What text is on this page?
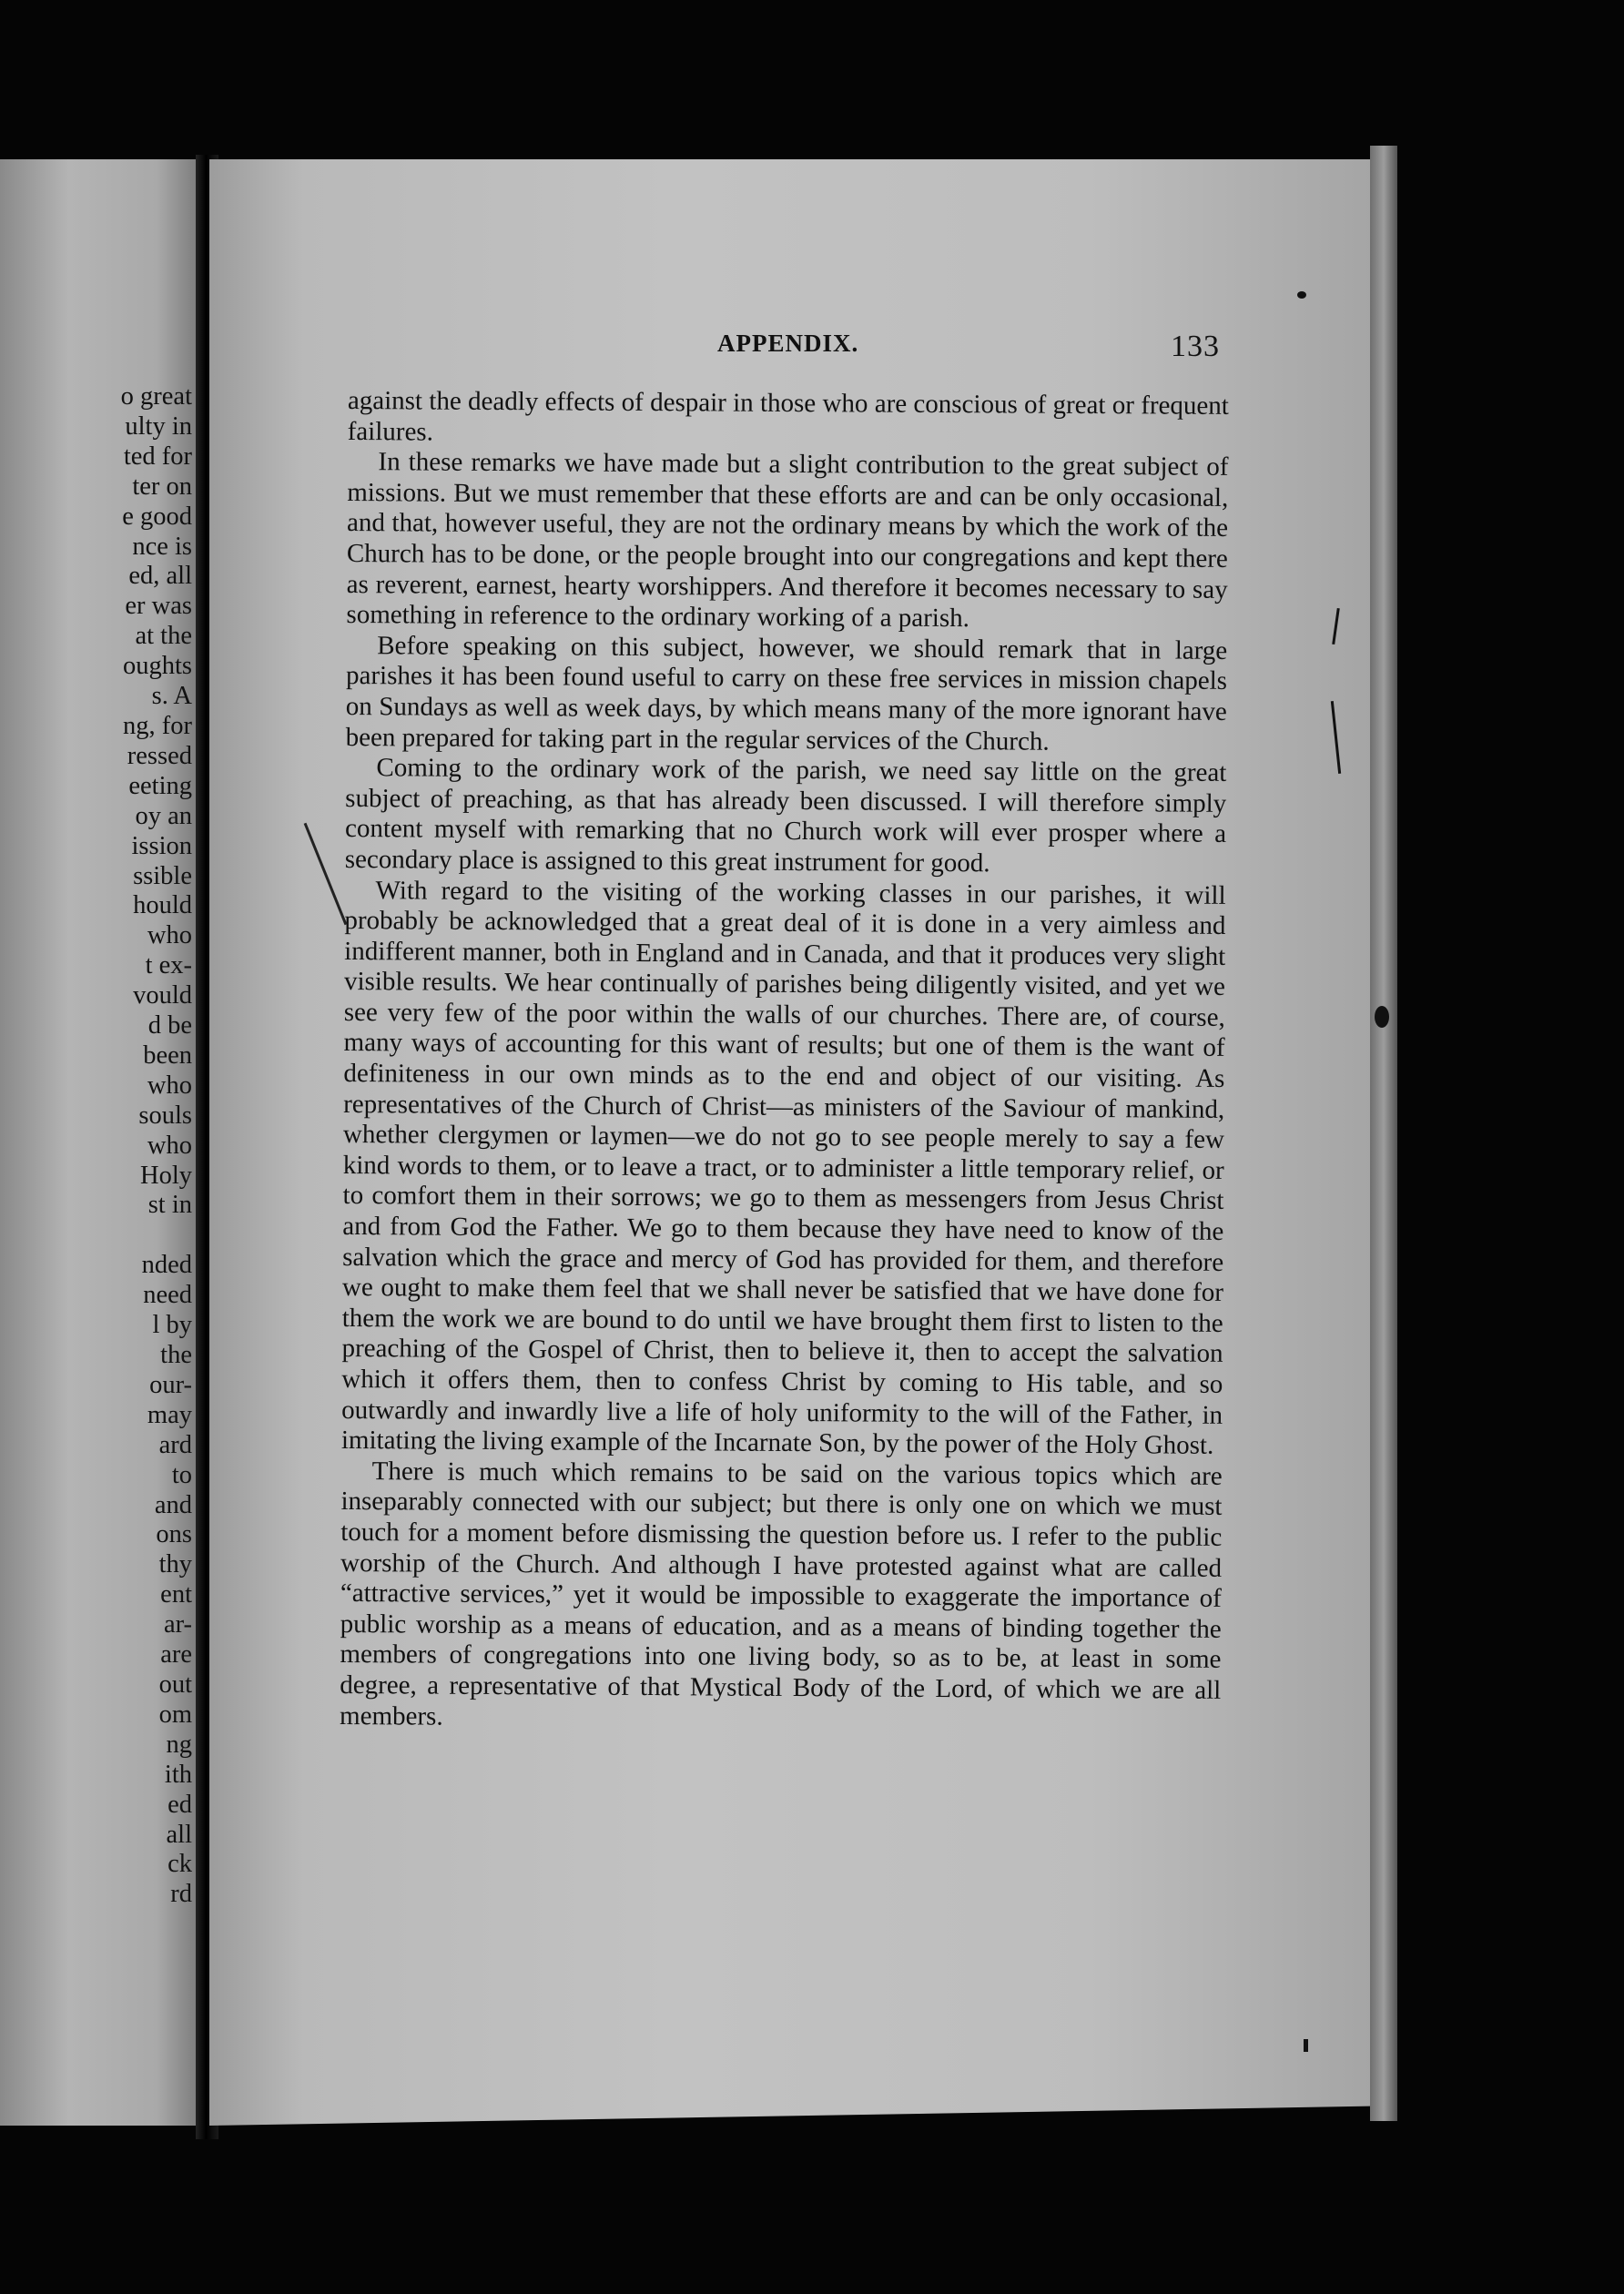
o great
ulty in
ted for
ter on
e good
nce is
ed, all
er was
at the
oughts
s. A
ng, for
ressed
eeting
oy an
ission
ssible
hould
who
t ex-
vould
d be
been
who
souls
who
Holy
st in

nded
need
l by
the
our-
may
ard
to
and
ons
thy
ent
ar-
are
out
om
ng
ith
ed
all
ck
rd
APPENDIX.	133

against the deadly effects of despair in those who are conscious of great or frequent failures.

In these remarks we have made but a slight contribution to the great subject of missions. But we must remember that these efforts are and can be only occasional, and that, however useful, they are not the ordinary means by which the work of the Church has to be done, or the people brought into our congregations and kept there as reverent, earnest, hearty worshippers. And therefore it becomes necessary to say something in reference to the ordinary working of a parish.

Before speaking on this subject, however, we should remark that in large parishes it has been found useful to carry on these free services in mission chapels on Sundays as well as week days, by which means many of the more ignorant have been prepared for taking part in the regular services of the Church.

Coming to the ordinary work of the parish, we need say little on the great subject of preaching, as that has already been discussed. I will therefore simply content myself with remarking that no Church work will ever prosper where a secondary place is assigned to this great instrument for good.

With regard to the visiting of the working classes in our parishes, it will probably be acknowledged that a great deal of it is done in a very aimless and indifferent manner, both in England and in Canada, and that it produces very slight visible results. We hear continually of parishes being diligently visited, and yet we see very few of the poor within the walls of our churches. There are, of course, many ways of accounting for this want of results; but one of them is the want of definiteness in our own minds as to the end and object of our visiting. As representatives of the Church of Christ—as ministers of the Saviour of mankind, whether clergymen or laymen—we do not go to see people merely to say a few kind words to them, or to leave a tract, or to administer a little temporary relief, or to comfort them in their sorrows; we go to them as messengers from Jesus Christ and from God the Father. We go to them because they have need to know of the salvation which the grace and mercy of God has provided for them, and therefore we ought to make them feel that we shall never be satisfied that we have done for them the work we are bound to do until we have brought them first to listen to the preaching of the Gospel of Christ, then to believe it, then to accept the salvation which it offers them, then to confess Christ by coming to His table, and so outwardly and inwardly live a life of holy uniformity to the will of the Father, in imitating the living example of the Incarnate Son, by the power of the Holy Ghost.

There is much which remains to be said on the various topics which are inseparably connected with our subject; but there is only one on which we must touch for a moment before dismissing the question before us. I refer to the public worship of the Church. And although I have protested against what are called “attractive services,” yet it would be impossible to exaggerate the importance of public worship as a means of education, and as a means of binding together the members of congregations into one living body, so as to be, at least in some degree, a representative of that Mystical Body of the Lord, of which we are all members.
